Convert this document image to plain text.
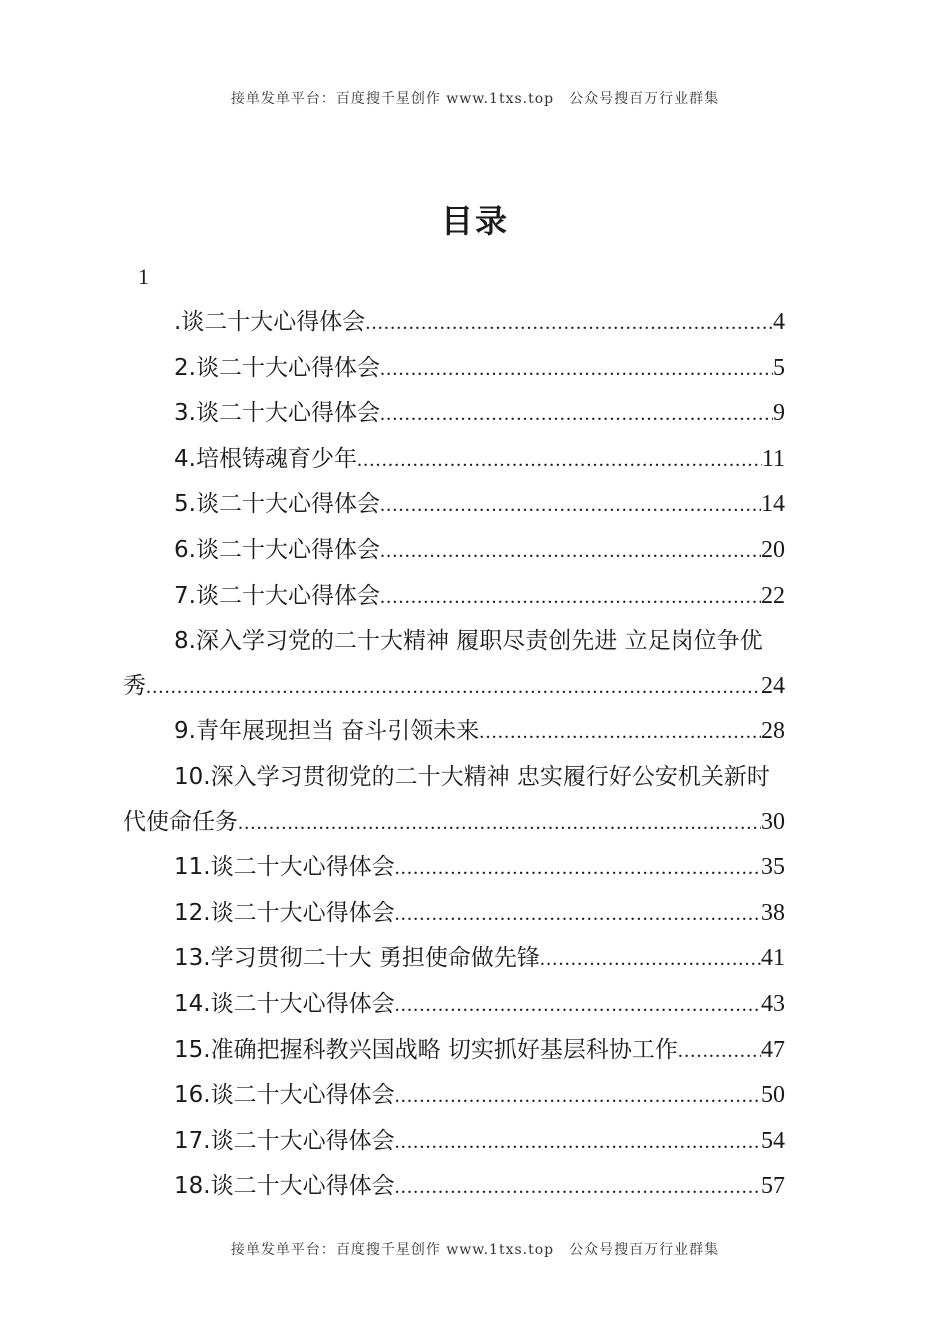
接单发单平台：百度搜千星创作 www.1txs.top　公众号搜百万行业群集
目录
1
.谈二十大心得体会 .....	4
2.谈二十大心得体会 .....	5
3.谈二十大心得体会 .....	9
4.培根铸魂育少年 .....	11
5.谈二十大心得体会 .....	14
6.谈二十大心得体会 .....	20
7.谈二十大心得体会 .....	22
8.深入学习党的二十大精神 履职尽责创先进 立足岗位争优
秀 .....	24
9.青年展现担当 奋斗引领未来 .....	28
10.深入学习贯彻党的二十大精神 忠实履行好公安机关新时
代使命任务 .....	30
11.谈二十大心得体会 .....	35
12.谈二十大心得体会 .....	38
13.学习贯彻二十大 勇担使命做先锋 .....	41
14.谈二十大心得体会 .....	43
15.准确把握科教兴国战略 切实抓好基层科协工作 .....	47
16.谈二十大心得体会 .....	50
17.谈二十大心得体会 .....	54
18.谈二十大心得体会 .....	57
接单发单平台：百度搜千星创作 www.1txs.top　公众号搜百万行业群集
